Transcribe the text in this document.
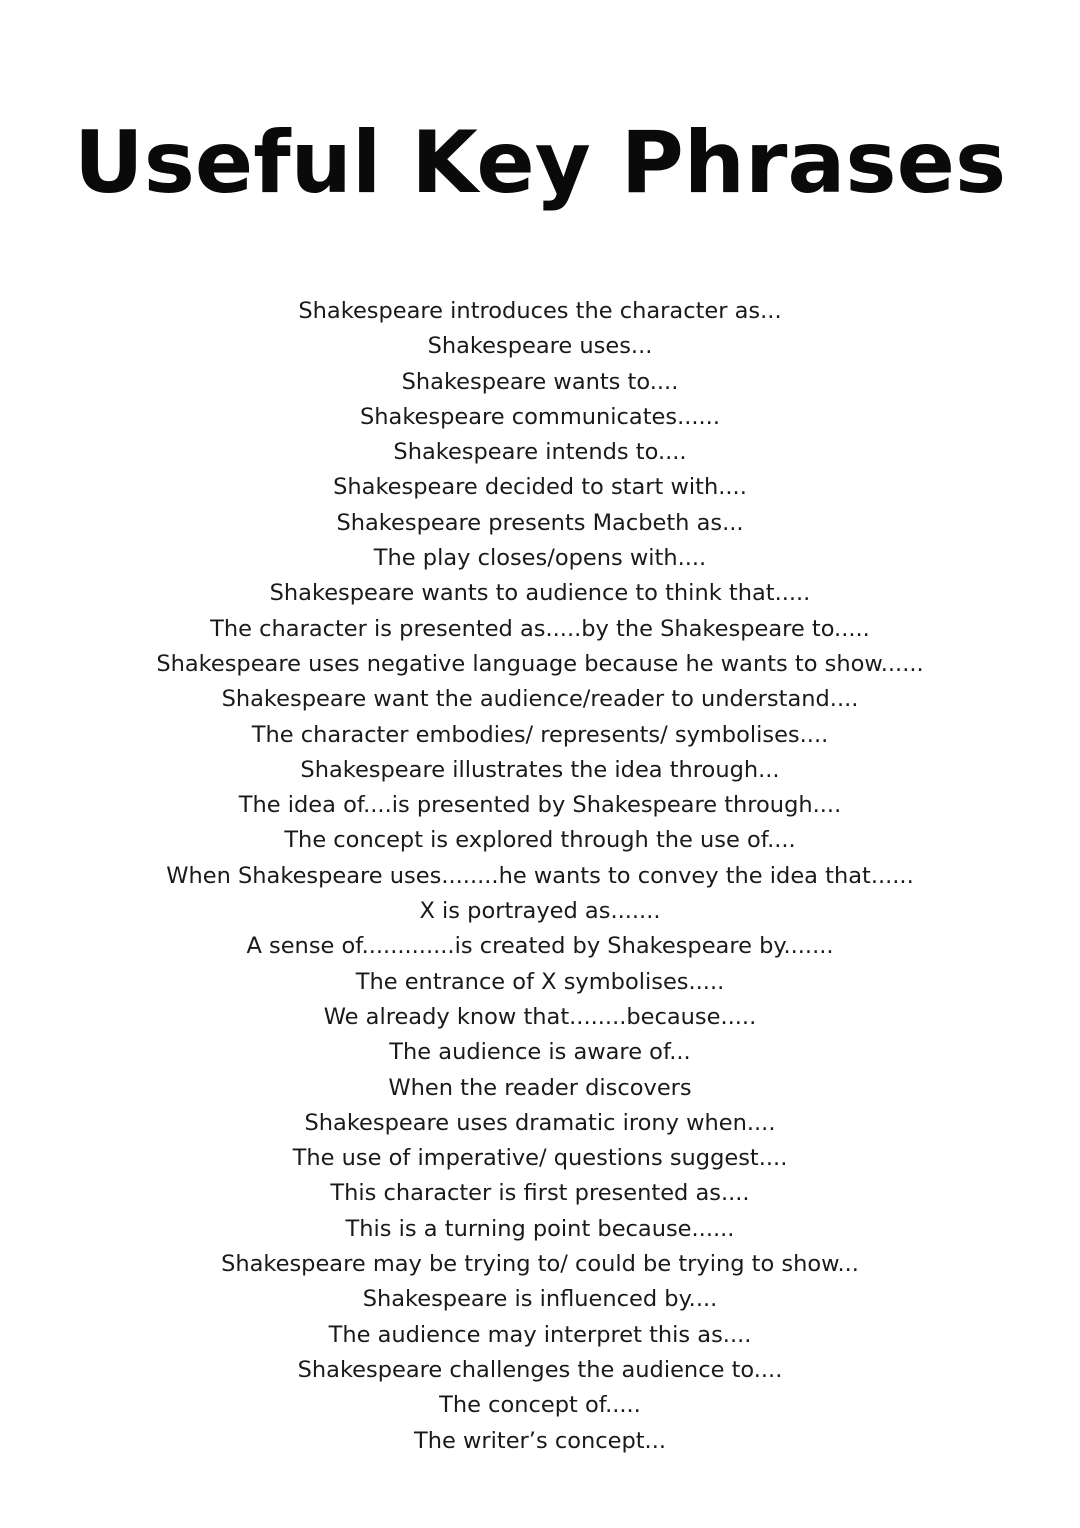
Useful Key Phrases
Shakespeare introduces the character as...
Shakespeare uses...
Shakespeare wants to....
Shakespeare communicates......
Shakespeare intends to....
Shakespeare decided to start with....
Shakespeare presents Macbeth as...
The play closes/opens with....
Shakespeare wants to audience to think that.....
The character is presented as.....by the Shakespeare to.....
Shakespeare uses negative language because he wants to show......
Shakespeare want the audience/reader to understand....
The character embodies/ represents/ symbolises....
Shakespeare illustrates the idea through...
The idea of....is presented by Shakespeare through....
The concept is explored through the use of....
When Shakespeare uses........he wants to convey the idea that......
X is portrayed as.......
A sense of.............is created by Shakespeare by.......
The entrance of X symbolises.....
We already know that........because.....
The audience is aware of...
When the reader discovers
Shakespeare uses dramatic irony when....
The use of imperative/ questions suggest....
This character is first presented as....
This is a turning point because......
Shakespeare may be trying to/ could be trying to show...
Shakespeare is influenced by....
The audience may interpret this as....
Shakespeare challenges the audience to....
The concept of.....
The writer’s concept...
